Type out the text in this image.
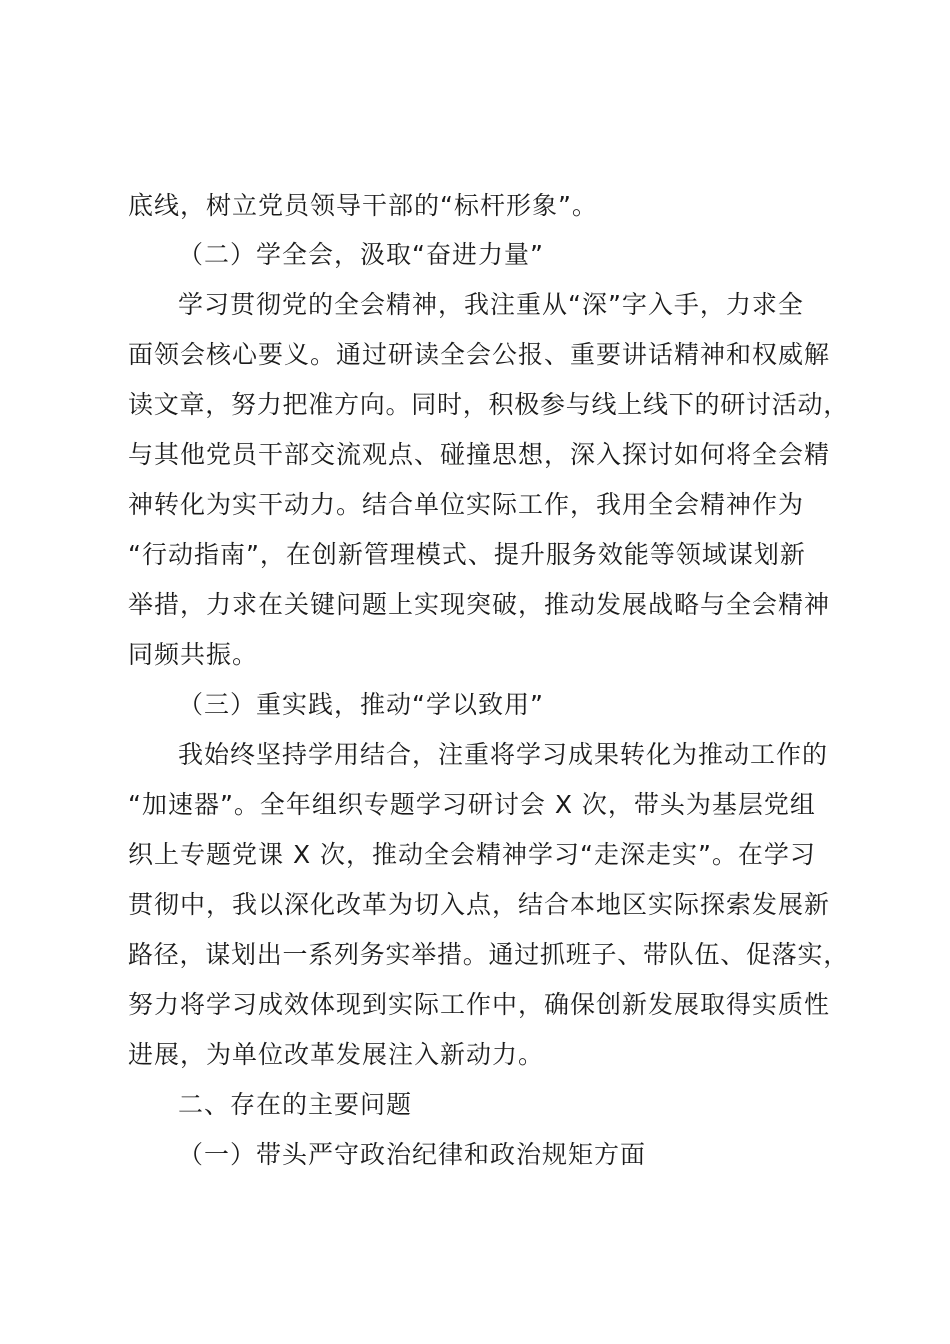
底线，树立党员领导干部的“标杆形象”。
（二）学全会，汲取“奋进力量”
学习贯彻党的全会精神，我注重从“深”字入手，力求全
面领会核心要义。通过研读全会公报、重要讲话精神和权威解
读文章，努力把准方向。同时，积极参与线上线下的研讨活动，
与其他党员干部交流观点、碰撞思想，深入探讨如何将全会精
神转化为实干动力。结合单位实际工作，我用全会精神作为
“行动指南”，在创新管理模式、提升服务效能等领域谋划新
举措，力求在关键问题上实现突破，推动发展战略与全会精神
同频共振。
（三）重实践，推动“学以致用”
我始终坚持学用结合，注重将学习成果转化为推动工作的
“加速器”。全年组织专题学习研讨会 X 次，带头为基层党组
织上专题党课 X 次，推动全会精神学习“走深走实”。在学习
贯彻中，我以深化改革为切入点，结合本地区实际探索发展新
路径，谋划出一系列务实举措。通过抓班子、带队伍、促落实，
努力将学习成效体现到实际工作中，确保创新发展取得实质性
进展，为单位改革发展注入新动力。
二、存在的主要问题
（一）带头严守政治纪律和政治规矩方面
